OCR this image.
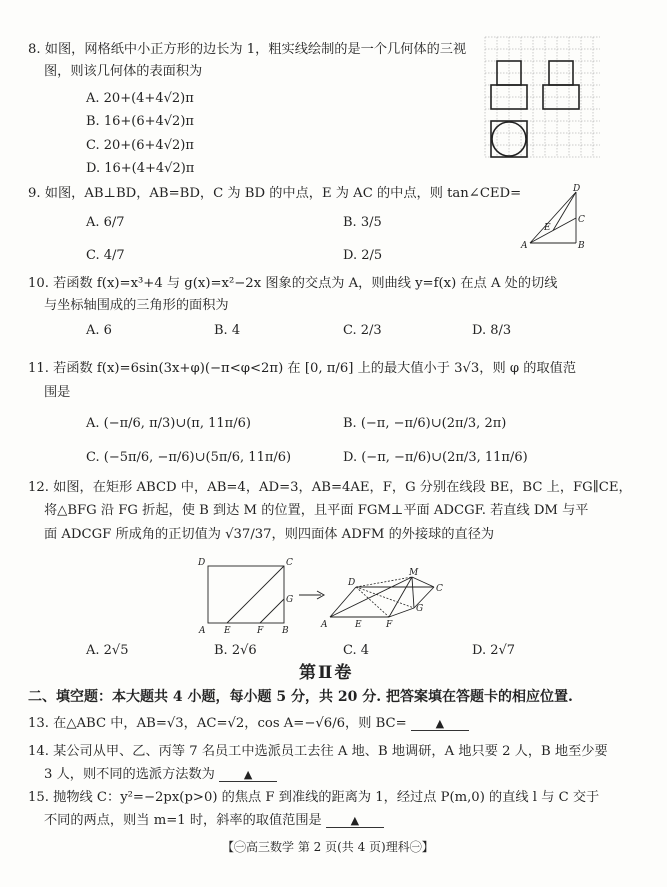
8. 如图，网格纸中小正方形的边长为 1，粗实线绘制的是一个几何体的三视
图，则该几何体的表面积为
A. 20+(4+4√2)π
B. 16+(6+4√2)π
C. 20+(6+4√2)π
D. 16+(4+4√2)π
9. 如图，AB⊥BD，AB=BD，C 为 BD 的中点，E 为 AC 的中点，则 tan∠CED=
A. 6/7	B. 3/5
C. 4/7	D. 2/5
D
C
E
A	B
10. 若函数 f(x)=x³+4 与 g(x)=x²−2x 图象的交点为 A，则曲线 y=f(x) 在点 A 处的切线
与坐标轴围成的三角形的面积为
A. 6	B. 4	C. 2/3	D. 8/3
11. 若函数 f(x)=6sin(3x+φ)(−π<φ<2π) 在 [0, π/6] 上的最大值小于 3√3，则 φ 的取值范
围是
A. (−π/6, π/3)∪(π, 11π/6)	B. (−π, −π/6)∪(2π/3, 2π)
C. (−5π/6, −π/6)∪(5π/6, 11π/6)	D. (−π, −π/6)∪(2π/3, 11π/6)
12. 如图，在矩形 ABCD 中，AB=4，AD=3，AB=4AE，F，G 分别在线段 BE，BC 上，FG∥CE，
将△BFG 沿 FG 折起，使 B 到达 M 的位置，且平面 FGM⊥平面 ADCGF. 若直线 DM 与平
面 ADCGF 所成角的正切值为 √37/37，则四面体 ADFM 的外接球的直径为
D	C
G
A E	F B
D
M
C
G
A	E	F
A. 2√5	B. 2√6	C. 4	D. 2√7
第Ⅱ卷
二、填空题：本大题共 4 小题，每小题 5 分，共 20 分. 把答案填在答题卡的相应位置.
13. 在△ABC 中，AB=√3，AC=√2，cos A=−√6/6，则 BC=	▲
14. 某公司从甲、乙、丙等 7 名员工中选派员工去往 A 地、B 地调研，A 地只要 2 人，B 地至少要
3 人，则不同的选派方法数为	▲
15. 抛物线 C：y²=−2px(p>0) 的焦点 F 到准线的距离为 1，经过点 P(m,0) 的直线 l 与 C 交于
不同的两点，则当 m=1 时，斜率的取值范围是	▲
【㊀高三数学 第 2 页(共 4 页)理科㊀】
